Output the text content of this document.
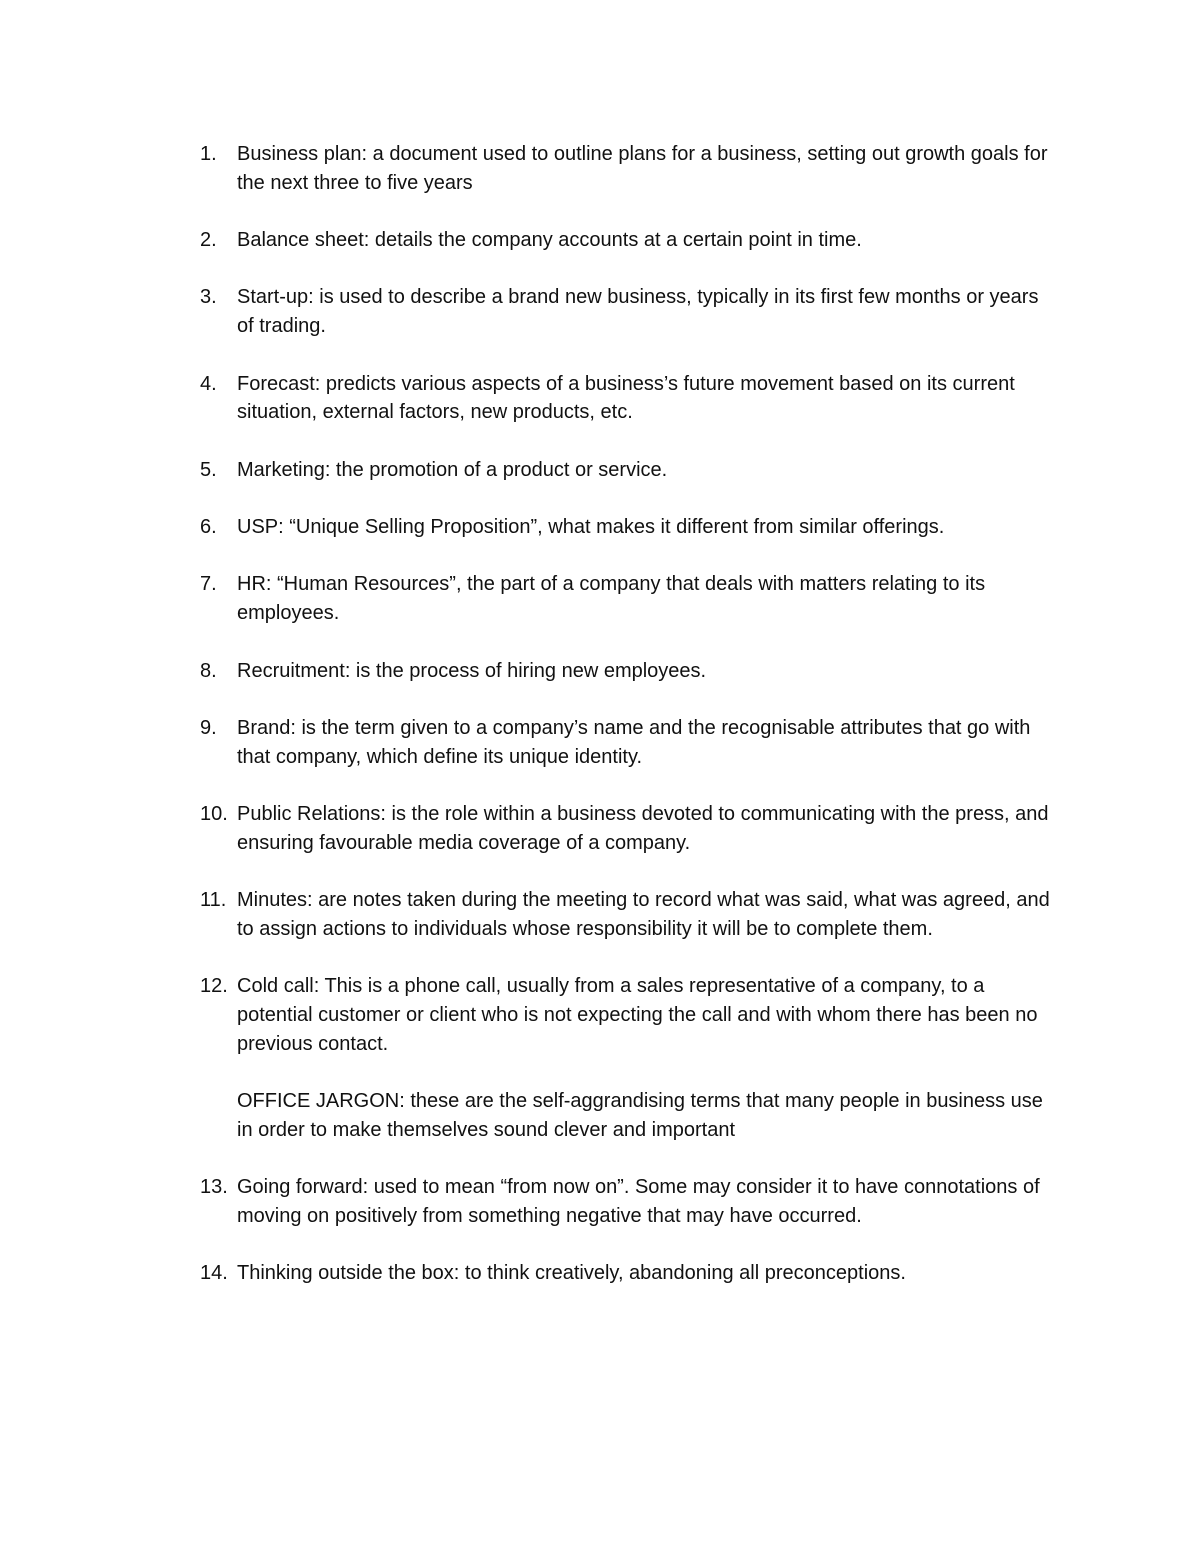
1. Business plan: a document used to outline plans for a business, setting out growth goals for the next three to five years
2. Balance sheet: details the company accounts at a certain point in time.
3. Start-up: is used to describe a brand new business, typically in its first few months or years of trading.
4. Forecast: predicts various aspects of a business’s future movement based on its current situation, external factors, new products, etc.
5. Marketing: the promotion of a product or service.
6. USP: “Unique Selling Proposition”, what makes it different from similar offerings.
7. HR: “Human Resources”, the part of a company that deals with matters relating to its employees.
8. Recruitment: is the process of hiring new employees.
9. Brand: is the term given to a company’s name and the recognisable attributes that go with that company, which define its unique identity.
10. Public Relations: is the role within a business devoted to communicating with the press, and ensuring favourable media coverage of a company.
11. Minutes: are notes taken during the meeting to record what was said, what was agreed, and to assign actions to individuals whose responsibility it will be to complete them.
12. Cold call: This is a phone call, usually from a sales representative of a company, to a potential customer or client who is not expecting the call and with whom there has been no previous contact.
OFFICE JARGON: these are the self-aggrandising terms that many people in business use in order to make themselves sound clever and important
13. Going forward: used to mean “from now on”. Some may consider it to have connotations of moving on positively from something negative that may have occurred.
14. Thinking outside the box: to think creatively, abandoning all preconceptions.
